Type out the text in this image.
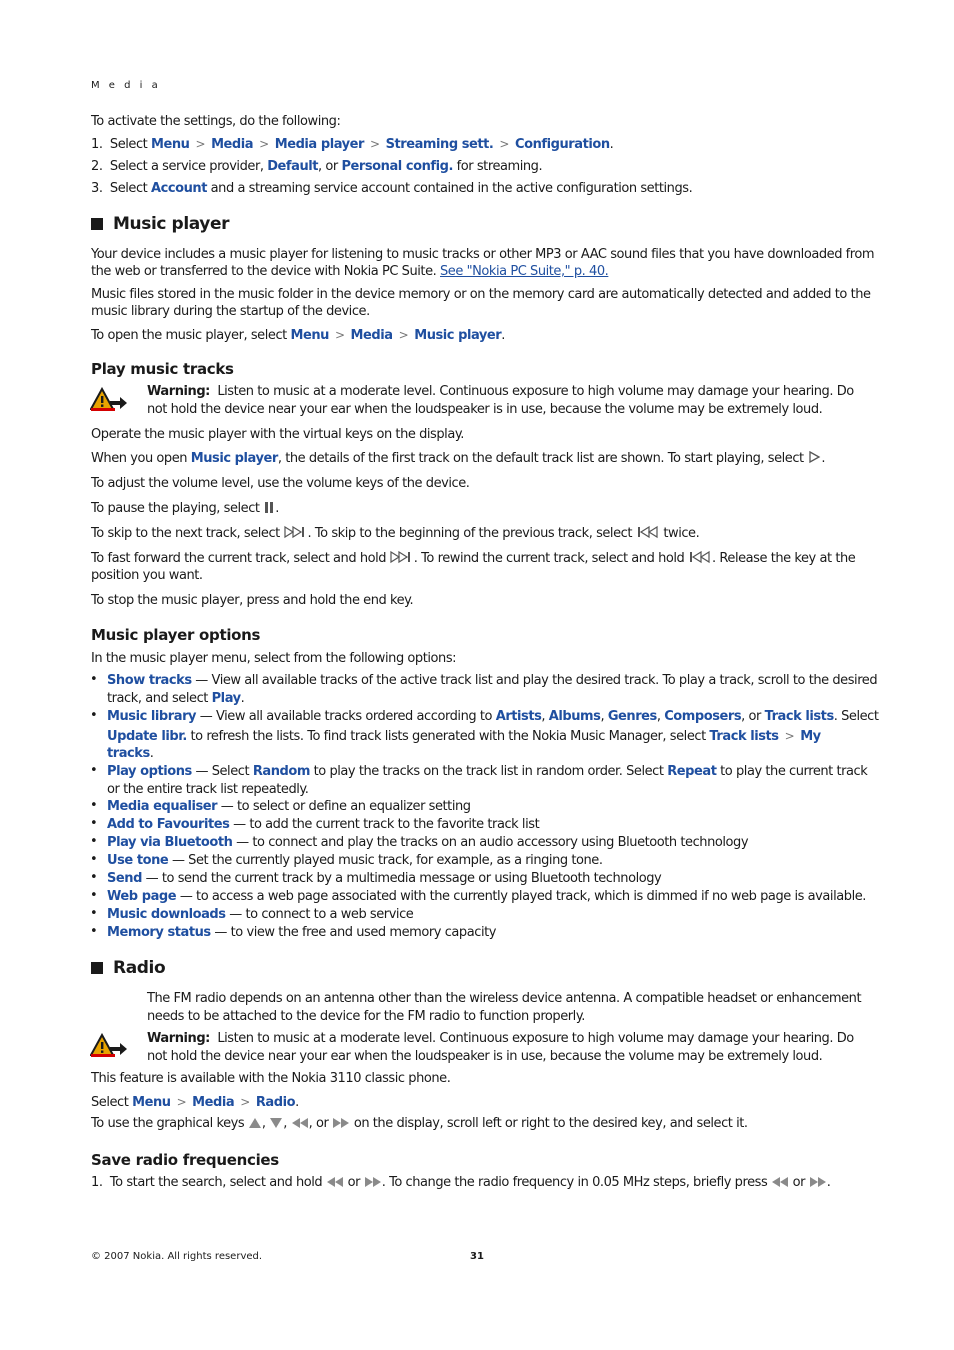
M e d i a
To activate the settings, do the following:
1. Select Menu > Media > Media player > Streaming sett. > Configuration.
2. Select a service provider, Default, or Personal config. for streaming.
3. Select Account and a streaming service account contained in the active configuration settings.
Music player
Your device includes a music player for listening to music tracks or other MP3 or AAC sound files that you have downloaded from
the web or transferred to the device with Nokia PC Suite. See "Nokia PC Suite," p. 40.
Music files stored in the music folder in the device memory or on the memory card are automatically detected and added to the
music library during the startup of the device.
To open the music player, select Menu > Media > Music player.
Play music tracks
Warning: Listen to music at a moderate level. Continuous exposure to high volume may damage your hearing. Do
not hold the device near your ear when the loudspeaker is in use, because the volume may be extremely loud.
Operate the music player with the virtual keys on the display.
When you open Music player, the details of the first track on the default track list are shown. To start playing, select .
To adjust the volume level, use the volume keys of the device.
To pause the playing, select .
To skip to the next track, select . To skip to the beginning of the previous track, select  twice.
To fast forward the current track, select and hold . To rewind the current track, select and hold . Release the key at the
position you want.
To stop the music player, press and hold the end key.
Music player options
In the music player menu, select from the following options:
• Show tracks — View all available tracks of the active track list and play the desired track. To play a track, scroll to the desired
track, and select Play.
• Music library — View all available tracks ordered according to Artists, Albums, Genres, Composers, or Track lists. Select
Update libr. to refresh the lists. To find track lists generated with the Nokia Music Manager, select Track lists > My
tracks.
• Play options — Select Random to play the tracks on the track list in random order. Select Repeat to play the current track
or the entire track list repeatedly.
• Media equaliser — to select or define an equalizer setting
• Add to Favourites — to add the current track to the favorite track list
• Play via Bluetooth — to connect and play the tracks on an audio accessory using Bluetooth technology
• Use tone — Set the currently played music track, for example, as a ringing tone.
• Send — to send the current track by a multimedia message or using Bluetooth technology
• Web page — to access a web page associated with the currently played track, which is dimmed if no web page is available.
• Music downloads — to connect to a web service
• Memory status — to view the free and used memory capacity
Radio
The FM radio depends on an antenna other than the wireless device antenna. A compatible headset or enhancement
needs to be attached to the device for the FM radio to function properly.
Warning: Listen to music at a moderate level. Continuous exposure to high volume may damage your hearing. Do
not hold the device near your ear when the loudspeaker is in use, because the volume may be extremely loud.
This feature is available with the Nokia 3110 classic phone.
Select Menu > Media > Radio.
To use the graphical keys , , , or on the display, scroll left or right to the desired key, and select it.
Save radio frequencies
1. To start the search, select and hold or . To change the radio frequency in 0.05 MHz steps, briefly press or .
© 2007 Nokia. All rights reserved.	31
